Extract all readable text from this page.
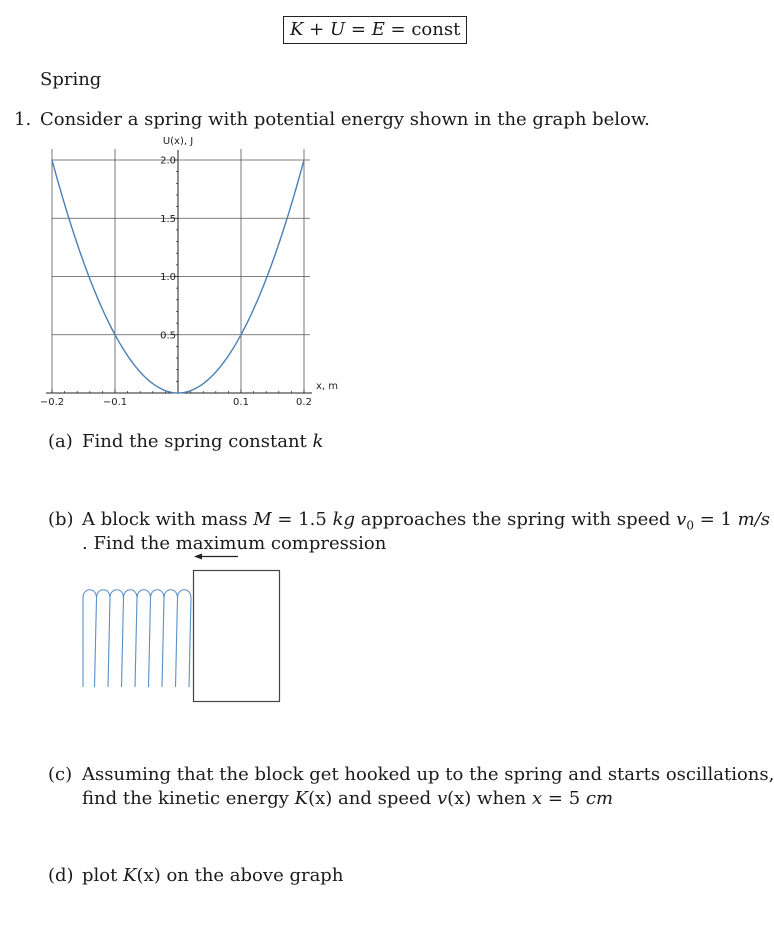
K + U = E = const
Spring
1. Consider a spring with potential energy shown in the graph below.
−0.2	−0.1	0.1	0.2
0.5
1.0
1.5
2.0
U(x), J
x, m
(a) Find the spring constant k
(b) A block with mass M = 1.5 kg approaches the spring with speed $v_0 = 1$ m/s
. Find the maximum compression
(c) Assuming that the block get hooked up to the spring and starts oscillations,
find the kinetic energy K(x) and speed v(x) when x = 5 cm
(d) plot K(x) on the above graph
